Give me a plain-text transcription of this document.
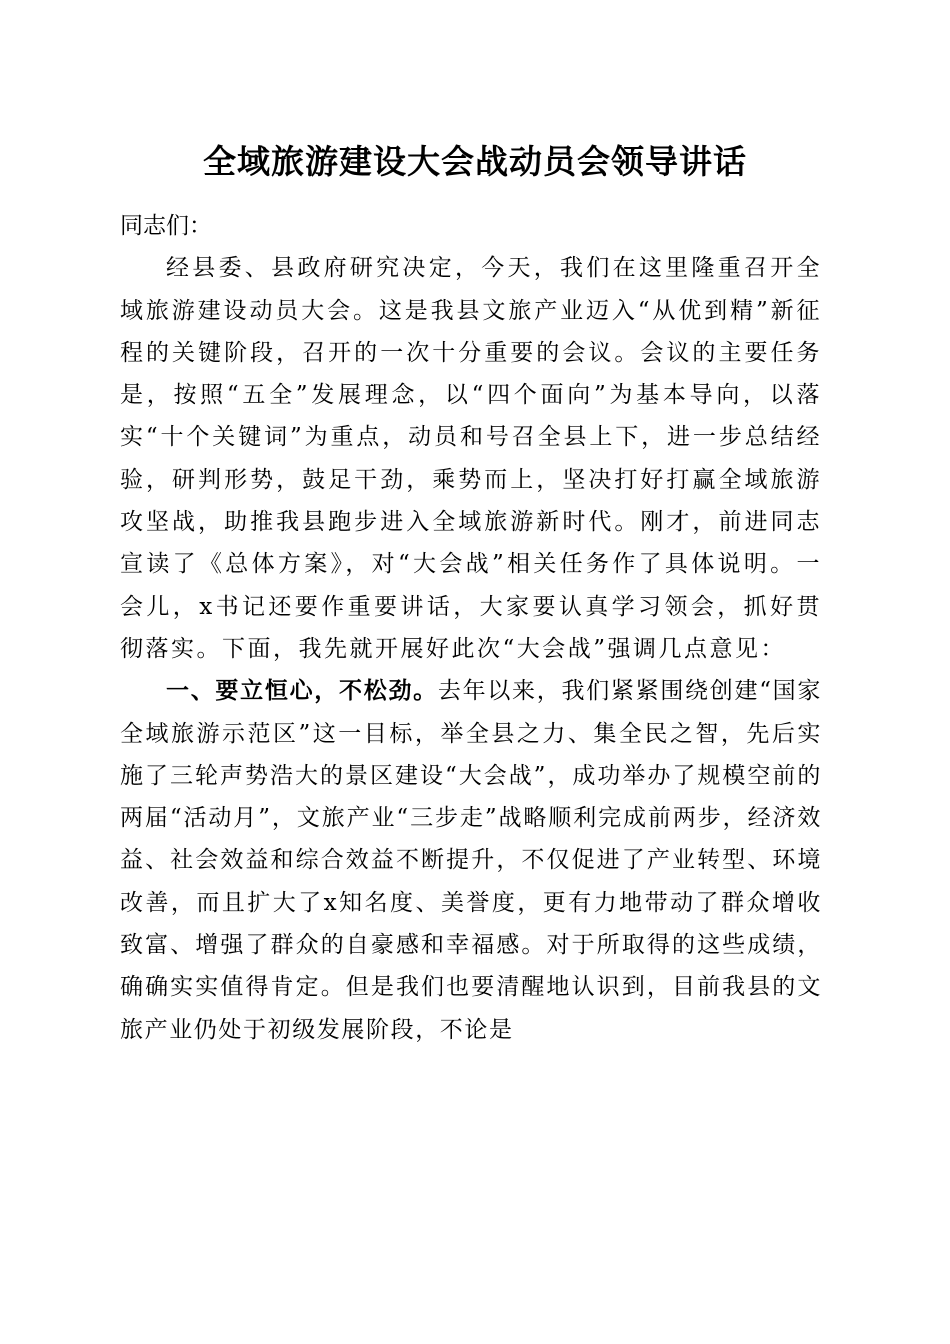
全域旅游建设大会战动员会领导讲话

同志们：

经县委、县政府研究决定，今天，我们在这里隆重召开全域旅游建设动员大会。这是我县文旅产业迈入“从优到精”新征程的关键阶段，召开的一次十分重要的会议。会议的主要任务是，按照“五全”发展理念，以“四个面向”为基本导向，以落实“十个关键词”为重点，动员和号召全县上下，进一步总结经验，研判形势，鼓足干劲，乘势而上，坚决打好打赢全域旅游攻坚战，助推我县跑步进入全域旅游新时代。刚才，前进同志宣读了《总体方案》，对“大会战”相关任务作了具体说明。一会儿，x书记还要作重要讲话，大家要认真学习领会，抓好贯彻落实。下面，我先就开展好此次“大会战”强调几点意见：

一、要立恒心，不松劲。去年以来，我们紧紧围绕创建“国家全域旅游示范区”这一目标，举全县之力、集全民之智，先后实施了三轮声势浩大的景区建设“大会战”，成功举办了规模空前的两届“活动月”，文旅产业“三步走”战略顺利完成前两步，经济效益、社会效益和综合效益不断提升，不仅促进了产业转型、环境改善，而且扩大了x知名度、美誉度，更有力地带动了群众增收致富、增强了群众的自豪感和幸福感。对于所取得的这些成绩，确确实实值得肯定。但是我们也要清醒地认识到，目前我县的文旅产业仍处于初级发展阶段，不论是
